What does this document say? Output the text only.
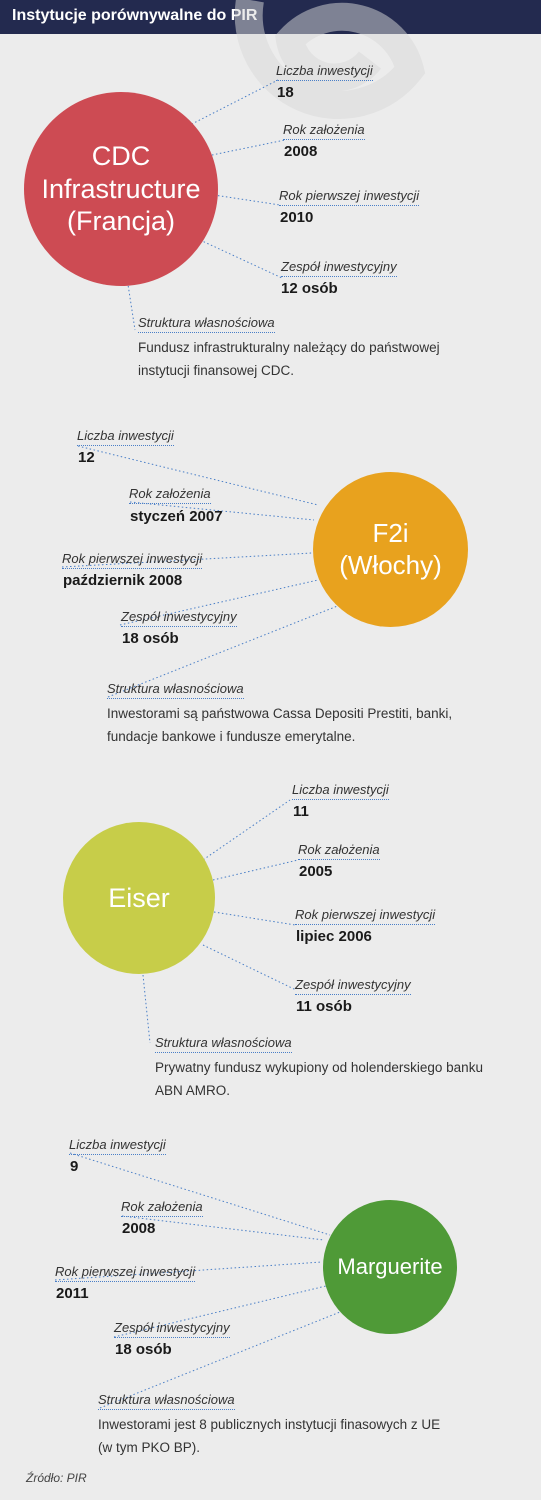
Instytucje porównywalne do PIR
CDC
Infrastructure
(Francja)
Liczba inwestycji
18
Rok założenia
2008
Rok pierwszej inwestycji
2010
Zespół inwestycyjny
12 osób
Struktura własnościowa
Fundusz infrastrukturalny należący do państwowej
instytucji finansowej CDC.
F2i
(Włochy)
Liczba inwestycji
12
Rok założenia
styczeń 2007
Rok pierwszej inwestycji
październik 2008
Zespół inwestycyjny
18 osób
Struktura własnościowa
Inwestorami są państwowa Cassa Depositi Prestiti, banki,
fundacje bankowe i fundusze emerytalne.
Eiser
Liczba inwestycji
11
Rok założenia
2005
Rok pierwszej inwestycji
lipiec 2006
Zespół inwestycyjny
11 osób
Struktura własnościowa
Prywatny fundusz wykupiony od holenderskiego banku
ABN AMRO.
Marguerite
Liczba inwestycji
9
Rok założenia
2008
Rok pierwszej inwestycji
2011
Zespół inwestycyjny
18 osób
Struktura własnościowa
Inwestorami jest 8 publicznych instytucji finasowych z UE
(w tym PKO BP).
Źródło: PIR
